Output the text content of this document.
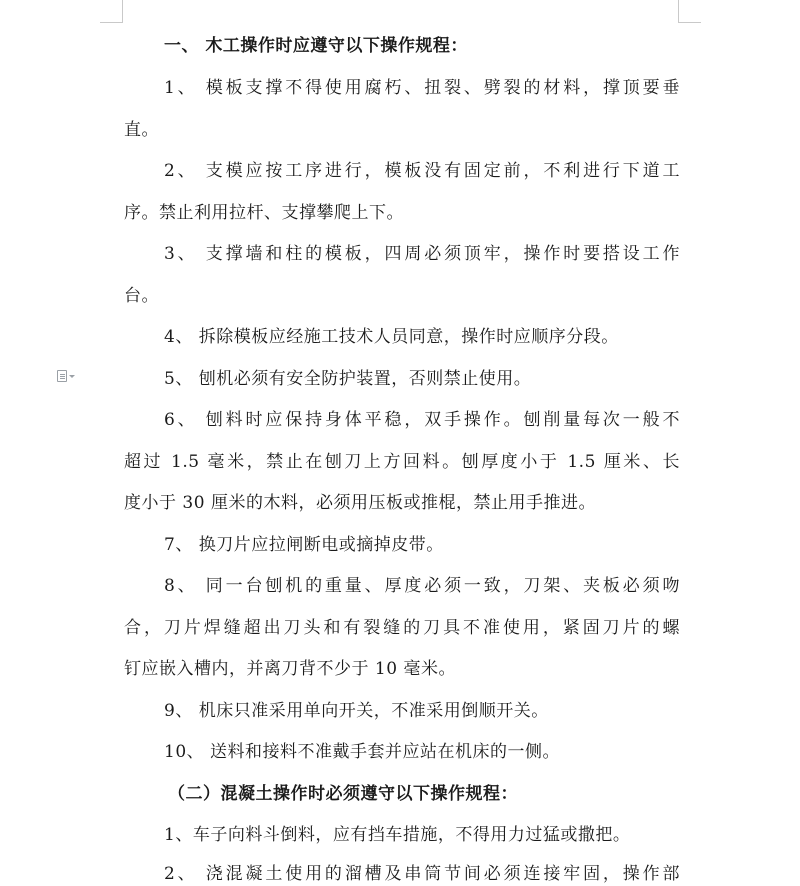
一、 木工操作时应遵守以下操作规程：
1、 模板支撑不得使用腐朽、扭裂、劈裂的材料，撑顶要垂
直。
2、 支模应按工序进行，模板没有固定前，不利进行下道工
序。禁止利用拉杆、支撑攀爬上下。
3、 支撑墙和柱的模板，四周必须顶牢，操作时要搭设工作
台。
4、 拆除模板应经施工技术人员同意，操作时应顺序分段。
5、 刨机必须有安全防护装置，否则禁止使用。
6、 刨料时应保持身体平稳，双手操作。刨削量每次一般不
超过 1.5 毫米，禁止在刨刀上方回料。刨厚度小于 1.5 厘米、长
度小于 30 厘米的木料，必须用压板或推棍，禁止用手推进。
7、 换刀片应拉闸断电或摘掉皮带。
8、 同一台刨机的重量、厚度必须一致，刀架、夹板必须吻
合，刀片焊缝超出刀头和有裂缝的刀具不准使用，紧固刀片的螺
钉应嵌入槽内，并离刀背不少于 10 毫米。
9、 机床只准采用单向开关，不准采用倒顺开关。
10、 送料和接料不准戴手套并应站在机床的一侧。
（二）混凝土操作时必须遵守以下操作规程：
1、车子向料斗倒料，应有挡车措施，不得用力过猛或撒把。
2、 浇混凝土使用的溜槽及串筒节间必须连接牢固，操作部
